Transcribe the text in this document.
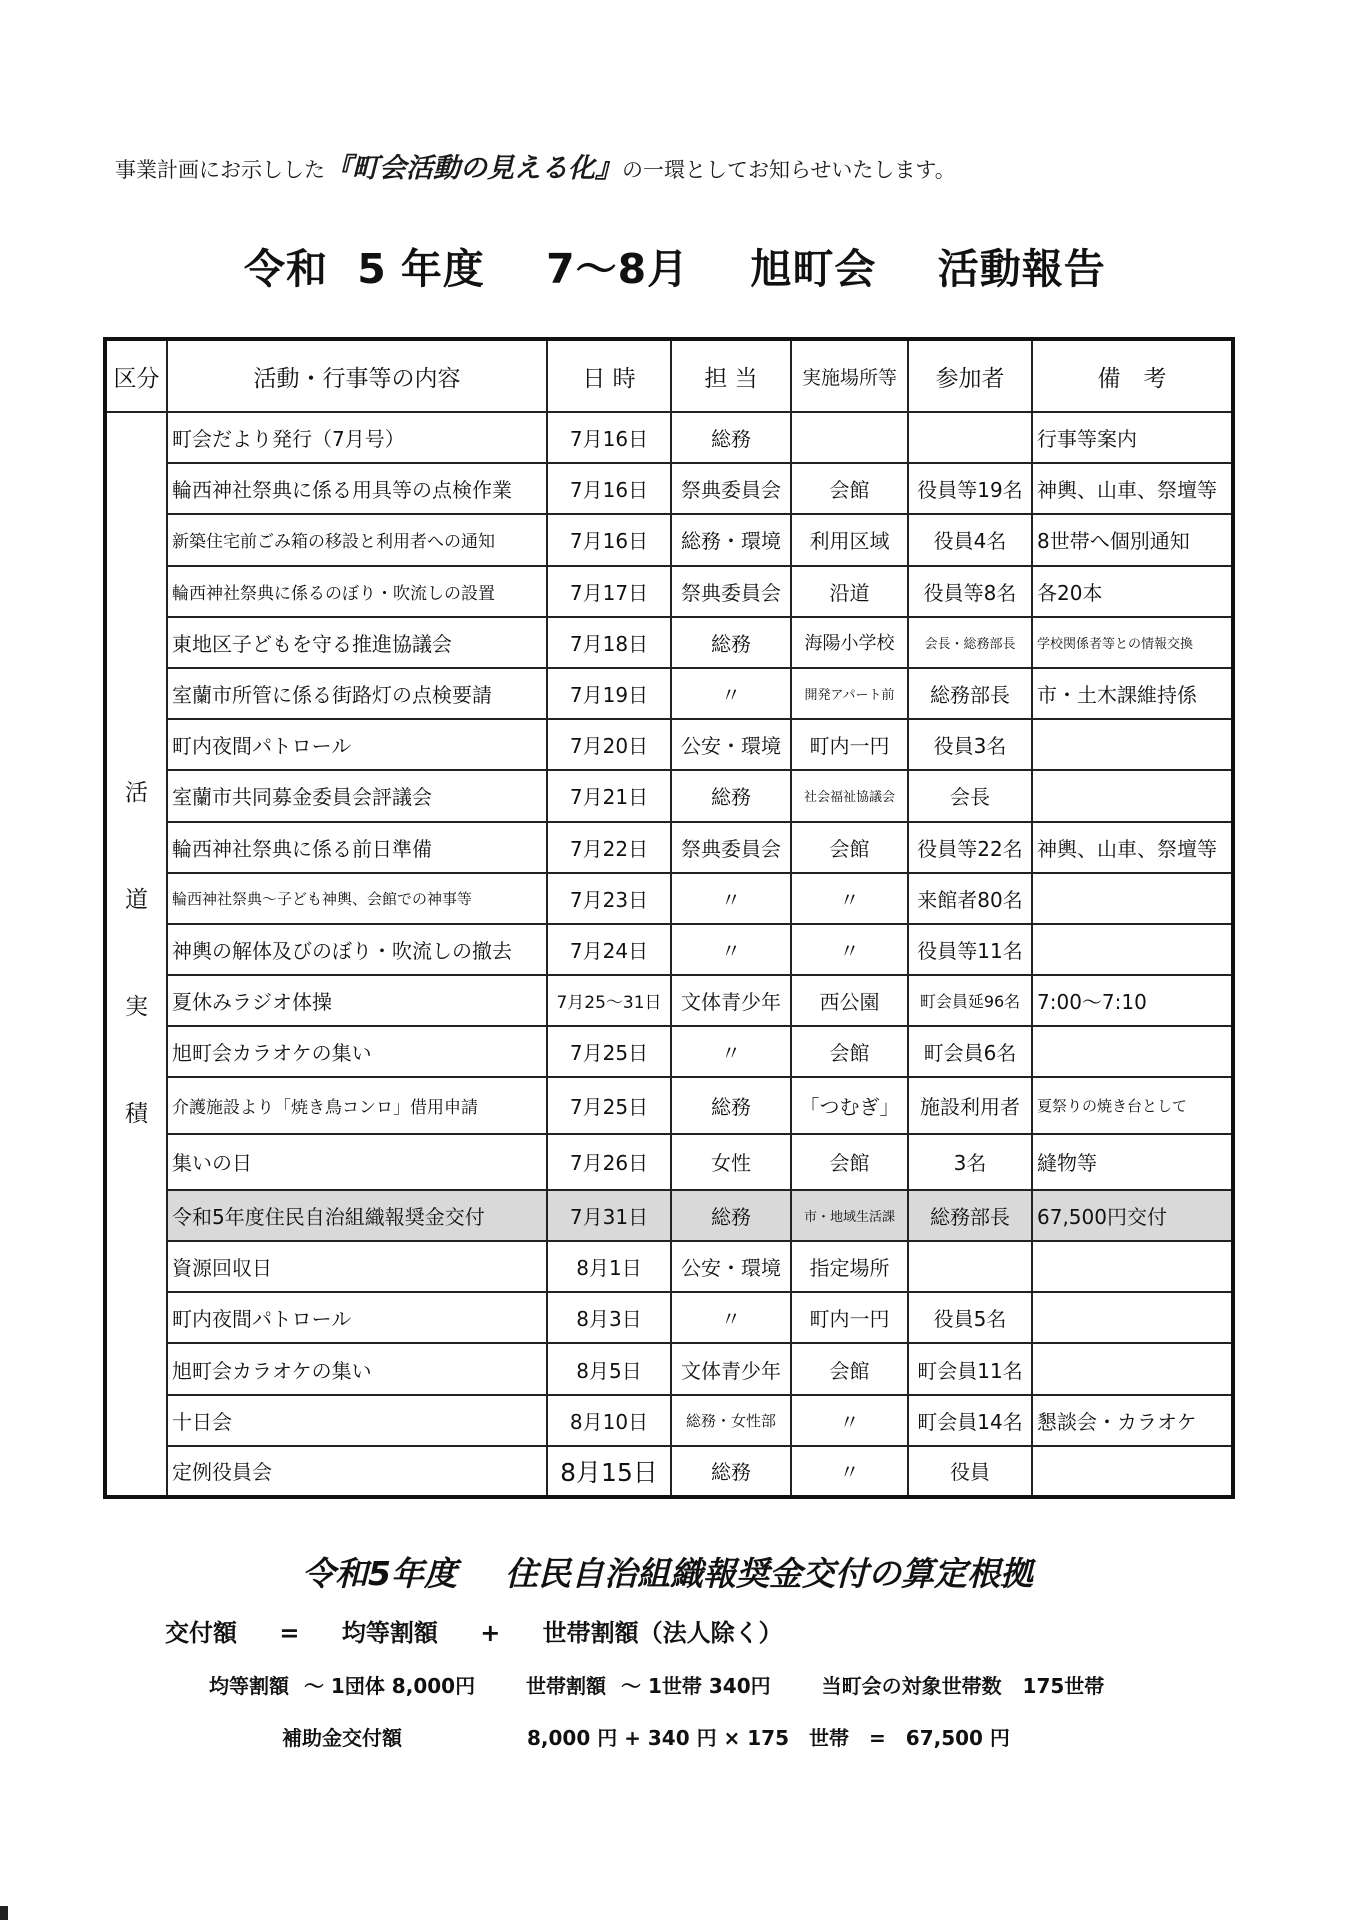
事業計画にお示しした『町会活動の見える化』の一環としてお知らせいたします。
令和 5 年度 7～8月 旭町会 活動報告
区分	活動・行事等の内容	日 時	担 当	実施場所等	参加者	備　考

活
道
実
積	町会だより発行（7月号）	7月16日	総務			行事等案内
	輪西神社祭典に係る用具等の点検作業	7月16日	祭典委員会	会館	役員等19名	神輿、山車、祭壇等
	新築住宅前ごみ箱の移設と利用者への通知	7月16日	総務・環境	利用区域	役員4名	8世帯へ個別通知
	輪西神社祭典に係るのぼり・吹流しの設置	7月17日	祭典委員会	沿道	役員等8名	各20本
	東地区子どもを守る推進協議会	7月18日	総務	海陽小学校	会長・総務部長	学校関係者等との情報交換
	室蘭市所管に係る街路灯の点検要請	7月19日	〃	開発アパート前	総務部長	市・土木課維持係
	町内夜間パトロール	7月20日	公安・環境	町内一円	役員3名	
	室蘭市共同募金委員会評議会	7月21日	総務	社会福祉協議会	会長	
	輪西神社祭典に係る前日準備	7月22日	祭典委員会	会館	役員等22名	神輿、山車、祭壇等
	輪西神社祭典～子ども神輿、会館での神事等	7月23日	〃	〃	来館者80名	
	神輿の解体及びのぼり・吹流しの撤去	7月24日	〃	〃	役員等11名	
	夏休みラジオ体操	7月25～31日	文体青少年	西公園	町会員延96名	7:00～7:10
	旭町会カラオケの集い	7月25日	〃	会館	町会員6名	
	介護施設より「焼き鳥コンロ」借用申請	7月25日	総務	「つむぎ」	施設利用者	夏祭りの焼き台として
	集いの日	7月26日	女性	会館	3名	縫物等
	令和5年度住民自治組織報奨金交付	7月31日	総務	市・地域生活課	総務部長	67,500円交付
	資源回収日	8月1日	公安・環境	指定場所		
	町内夜間パトロール	8月3日	〃	町内一円	役員5名	
	旭町会カラオケの集い	8月5日	文体青少年	会館	町会員11名	
	十日会	8月10日	総務・女性部	〃	町会員14名	懇談会・カラオケ
	定例役員会	8月15日	総務	〃	役員	
令和5年度 住民自治組織報奨金交付の算定根拠
交付額 = 均等割額 + 世帯割額（法人除く）
均等割額 ～ 1団体 8,000円	世帯割額 ～ 1世帯 340円	当町会の対象世帯数 175世帯
補助金交付額	8,000 円 + 340 円 × 175　世帯　=　67,500 円
